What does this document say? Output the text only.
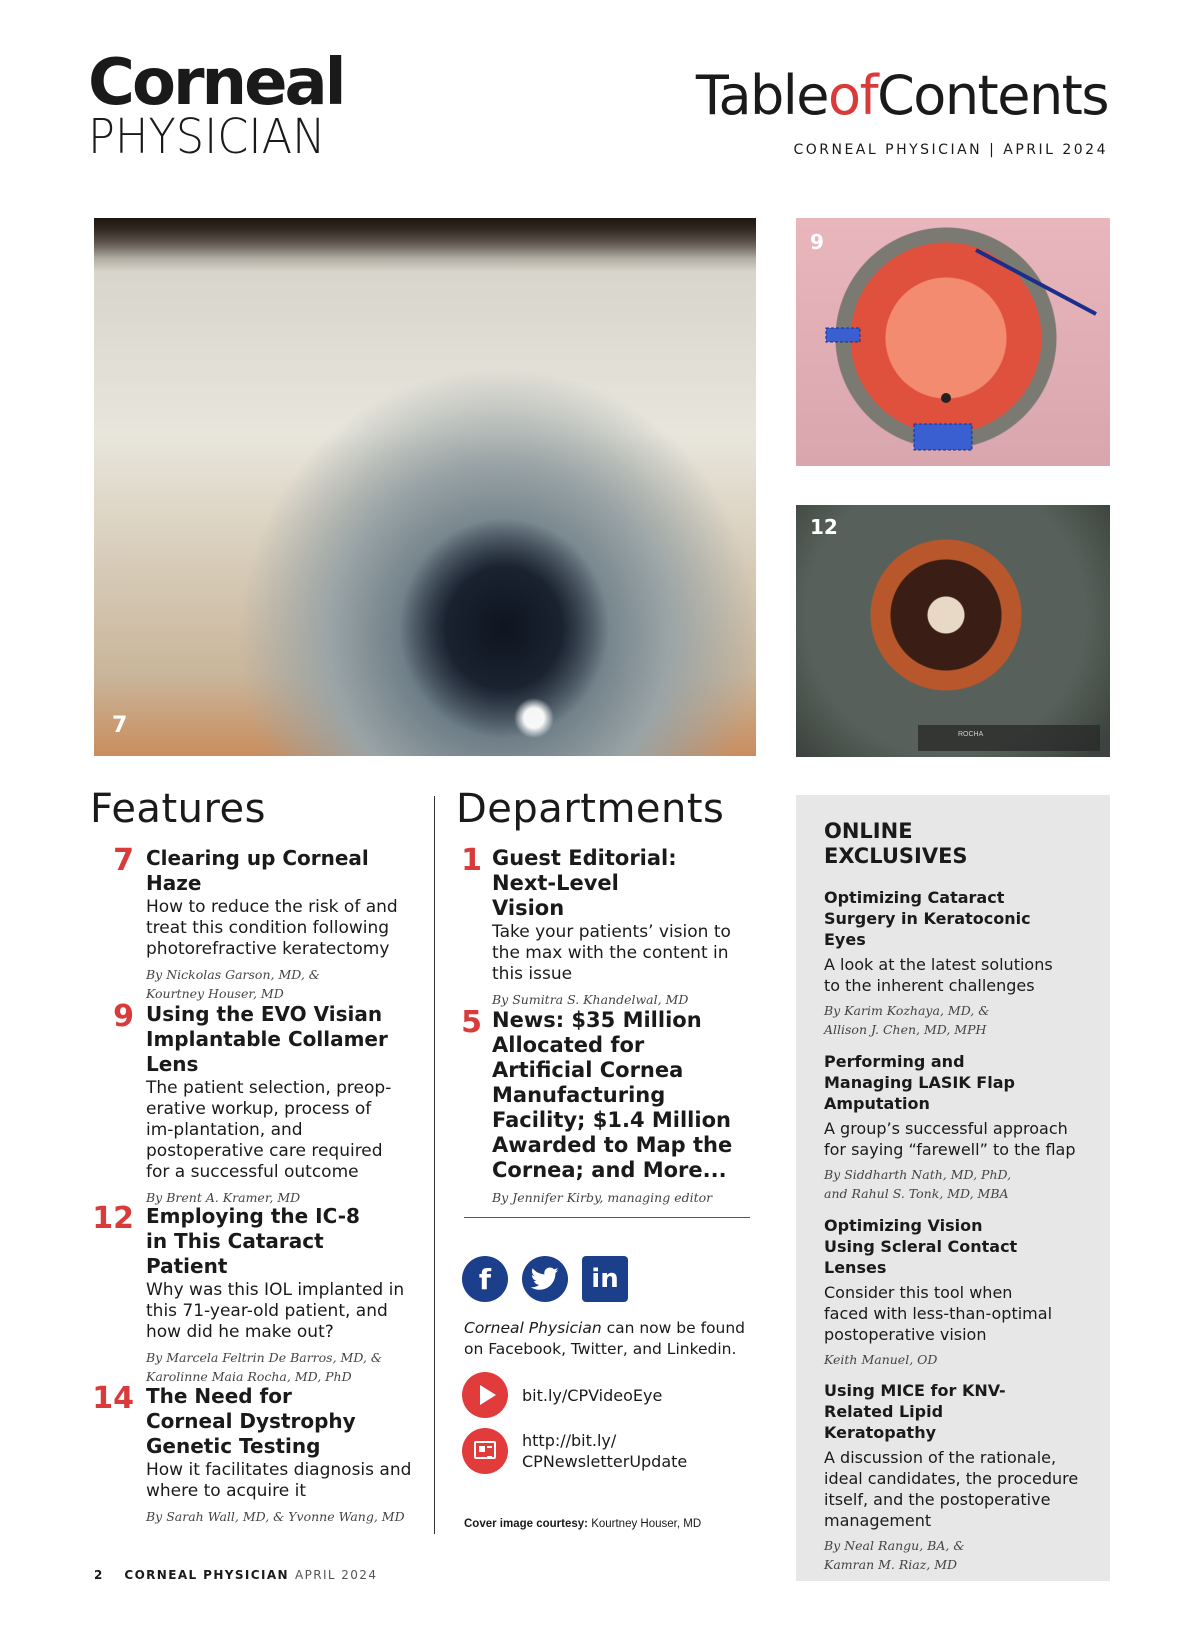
Corneal
PHYSICIAN
TableofContents
CORNEAL PHYSICIAN | APRIL 2024
7
9
12
ROCHA
Features
7 Clearing up Corneal Haze
How to reduce the risk of and treat this condition following photorefractive keratectomy
By Nickolas Garson, MD, & Kourtney Houser, MD
9 Using the EVO Visian Implantable Collamer Lens
The patient selection, preop-erative workup, process of im-plantation, and postoperative care required for a successful outcome
By Brent A. Kramer, MD
12 Employing the IC-8 in This Cataract Patient
Why was this IOL implanted in this 71-year-old patient, and how did he make out?
By Marcela Feltrin De Barros, MD, & Karolinne Maia Rocha, MD, PhD
14 The Need for Corneal Dystrophy Genetic Testing
How it facilitates diagnosis and where to acquire it
By Sarah Wall, MD, & Yvonne Wang, MD
Departments
1 Guest Editorial: Next-Level Vision
Take your patients’ vision to the max with the content in this issue
By Sumitra S. Khandelwal, MD
5 News: $35 Million Allocated for Artificial Cornea Manufacturing Facility; $1.4 Million Awarded to Map the Cornea; and More...
By Jennifer Kirby, managing editor
f	in
Corneal Physician can now be found on Facebook, Twitter, and Linkedin.
bit.ly/CPVideoEye
http://bit.ly/
CPNewsletterUpdate
Cover image courtesy: Kourtney Houser, MD
ONLINE
EXCLUSIVES
Optimizing Cataract Surgery in Keratoconic Eyes
A look at the latest solutions to the inherent challenges
By Karim Kozhaya, MD, & Allison J. Chen, MD, MPH
Performing and Managing LASIK Flap Amputation
A group’s successful approach for saying “farewell” to the flap
By Siddharth Nath, MD, PhD, and Rahul S. Tonk, MD, MBA
Optimizing Vision Using Scleral Contact Lenses
Consider this tool when faced with less-than-optimal postoperative vision
Keith Manuel, OD
Using MICE for KNV-Related Lipid Keratopathy
A discussion of the rationale, ideal candidates, the procedure itself, and the postoperative management
By Neal Rangu, BA, & Kamran M. Riaz, MD
2 CORNEAL PHYSICIAN APRIL 2024
